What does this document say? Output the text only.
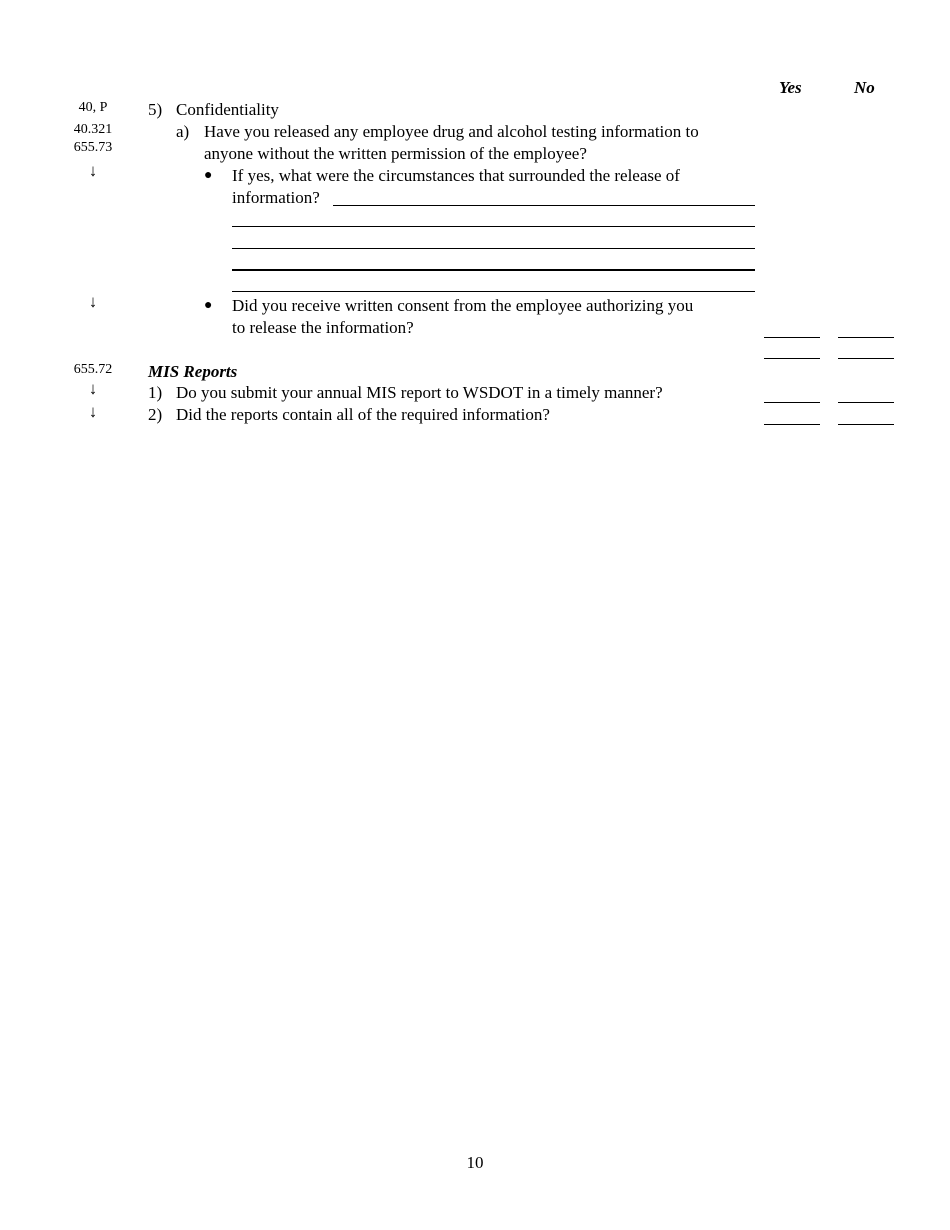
Yes	No
40, P
40.321
655.73
↓
↓
655.72
↓
↓
5) Confidentiality
a) Have you released any employee drug and alcohol testing information to
anyone without the written permission of the employee?
● If yes, what were the circumstances that surrounded the release of
information?
● Did you receive written consent from the employee authorizing you
to release the information?
MIS Reports
1) Do you submit your annual MIS report to WSDOT in a timely manner?
2) Did the reports contain all of the required information?
10
